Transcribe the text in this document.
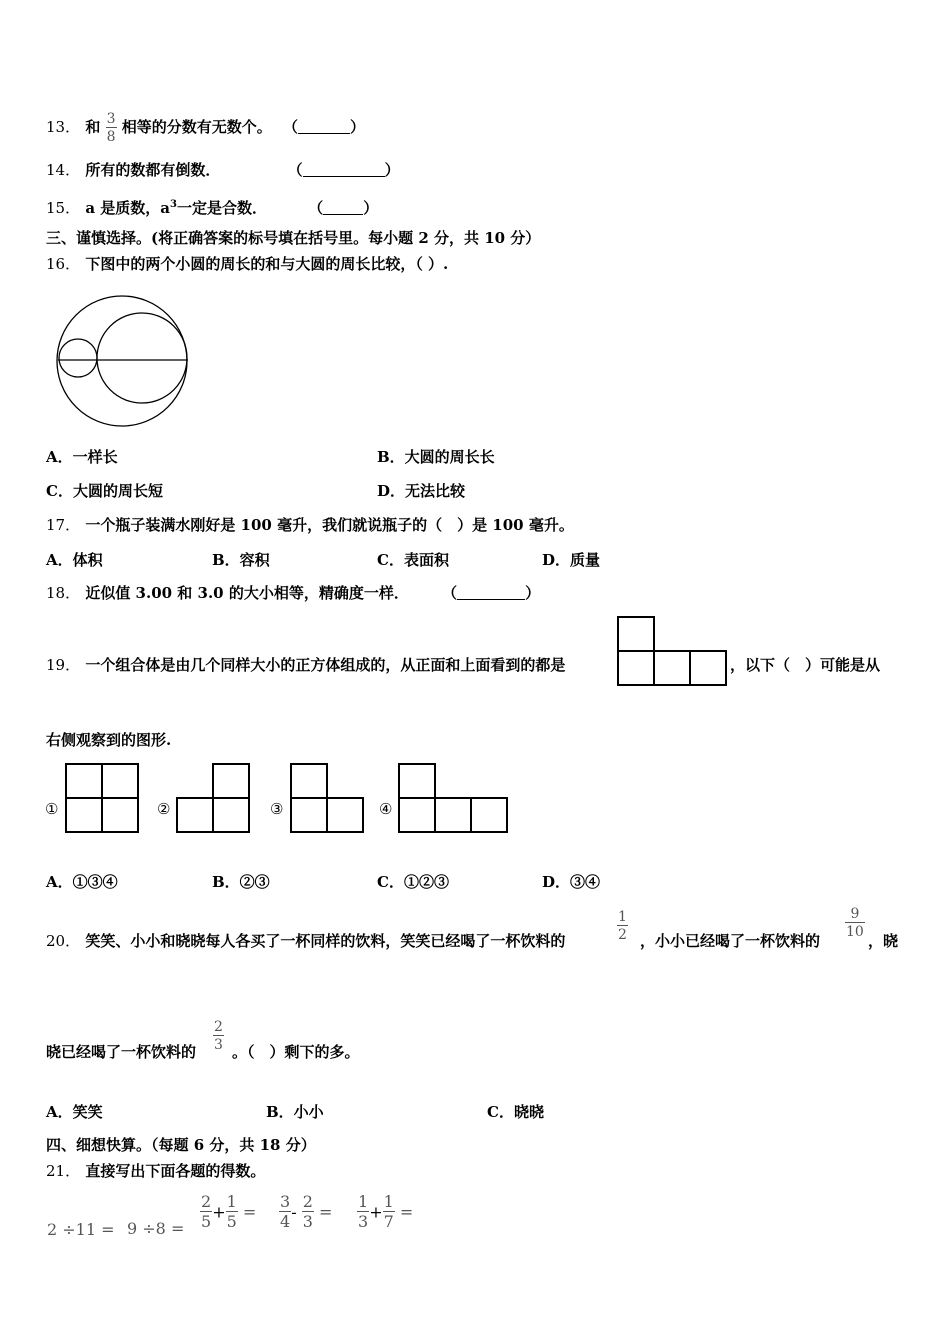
13． 和 $\frac{3}{8}$ 相等的分数有无数个。 （	）
14． 所有的数都有倒数．	（	）
15． a 是质数，$a^3$一定是合数．	（	）
三、谨慎选择。(将正确答案的标号填在括号里。每小题 2 分，共 10 分）
16． 下图中的两个小圆的周长的和与大圆的周长比较，（ ）.
A．一样长	B．大圆的周长长
C．大圆的周长短	D．无法比较
17． 一个瓶子装满水刚好是 100 毫升，我们就说瓶子的（　）是 100 毫升。
A．体积	B．容积	C．表面积	D．质量
18． 近似值 3.00 和 3.0 的大小相等，精确度一样． （	）
19． 一个组合体是由几个同样大小的正方体组成的，从正面和上面看到的都是	，以下（　）可能是从
右侧观察到的图形.
①	②	③	④
A．①③④	B．②③	C．①②③	D．③④
20． 笑笑、小小和晓晓每人各买了一杯同样的饮料，笑笑已经喝了一杯饮料的	$\frac{1}{2}$ ，小小已经喝了一杯饮料的
$\frac{9}{10}$
，晓
晓已经喝了一杯饮料的 $\frac{2}{3}$ 。（　）剩下的多。
A．笑笑	B．小小	C．晓晓
四、细想快算。（每题 6 分，共 18 分）
21． 直接写出下面各题的得数。
$2 \div 11 = 9 \div 8 = \frac{2}{5} + \frac{1}{5} = \frac{3}{4} - \frac{2}{3} = \frac{1}{3} + \frac{1}{7}$ =
